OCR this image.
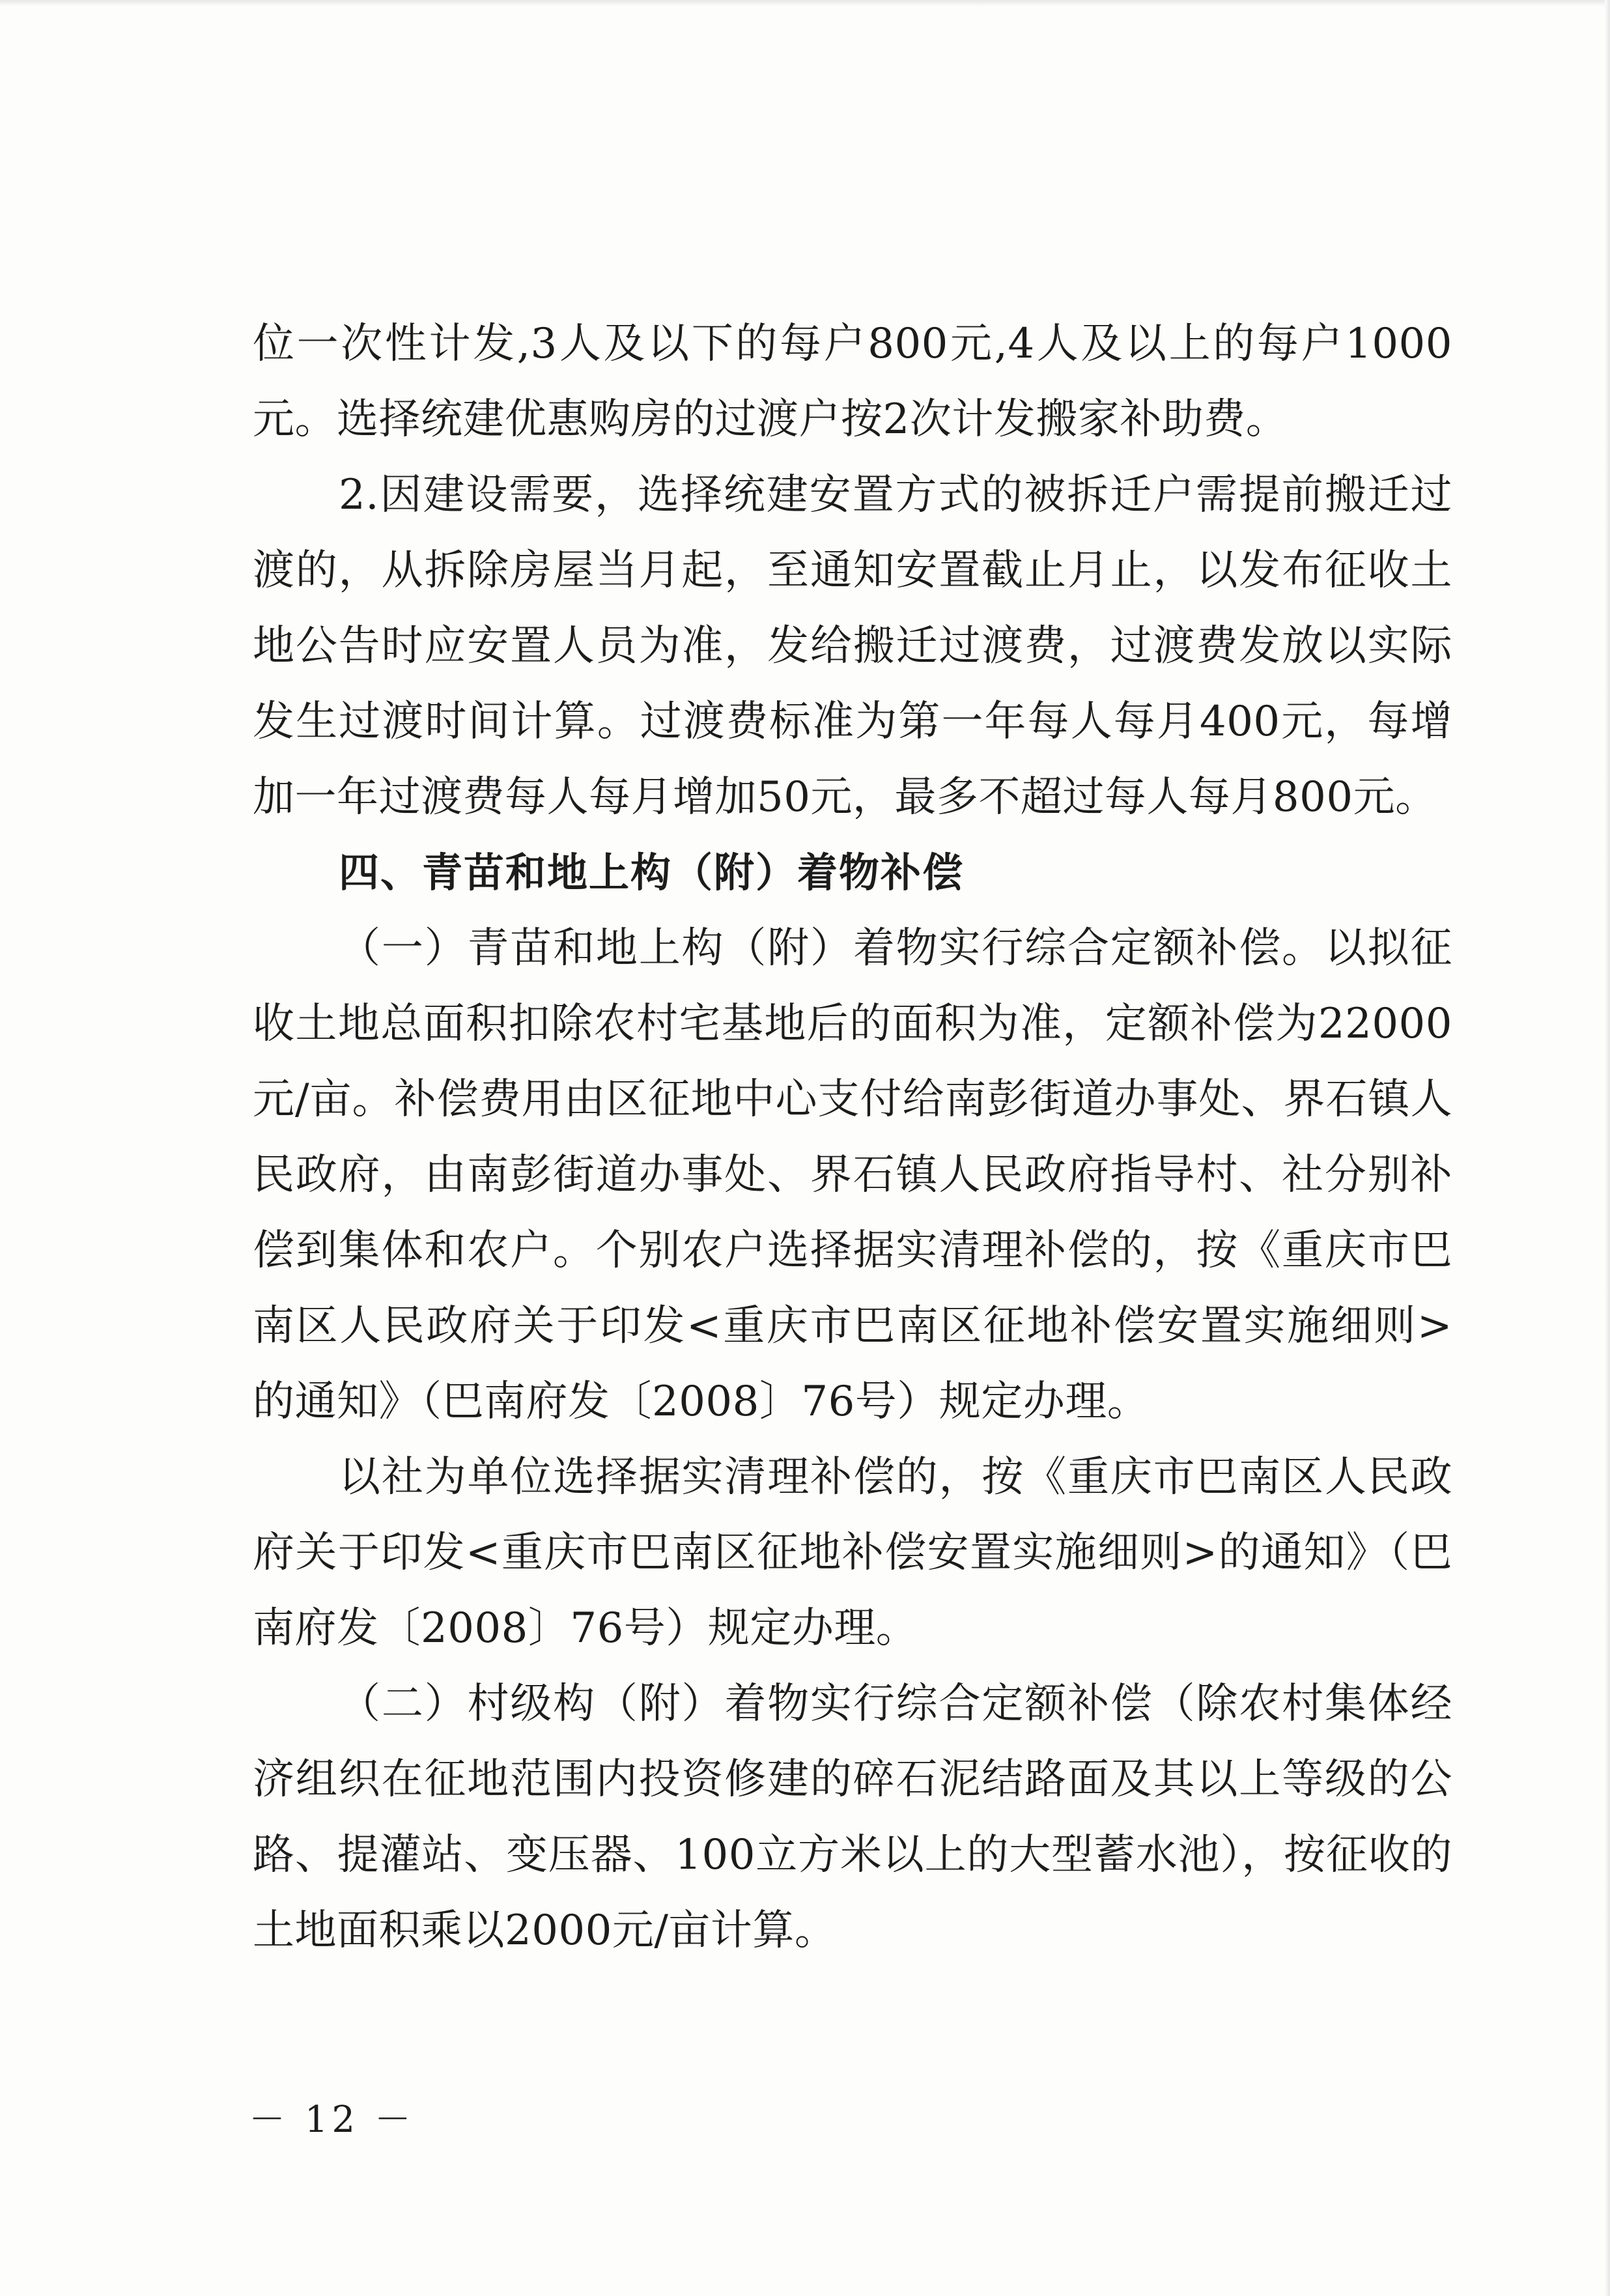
位一次性计发,3人及以下的每户800元,4人及以上的每户1000元。选择统建优惠购房的过渡户按2次计发搬家补助费。

2.因建设需要，选择统建安置方式的被拆迁户需提前搬迁过渡的，从拆除房屋当月起，至通知安置截止月止，以发布征收土地公告时应安置人员为准，发给搬迁过渡费，过渡费发放以实际发生过渡时间计算。过渡费标准为第一年每人每月400元，每增加一年过渡费每人每月增加50元，最多不超过每人每月800元。

四、青苗和地上构（附）着物补偿

（一）青苗和地上构（附）着物实行综合定额补偿。以拟征收土地总面积扣除农村宅基地后的面积为准，定额补偿为22000元/亩。补偿费用由区征地中心支付给南彭街道办事处、界石镇人民政府，由南彭街道办事处、界石镇人民政府指导村、社分别补偿到集体和农户。个别农户选择据实清理补偿的，按《重庆市巴南区人民政府关于印发<重庆市巴南区征地补偿安置实施细则>的通知》（巴南府发〔2008〕76号）规定办理。

以社为单位选择据实清理补偿的，按《重庆市巴南区人民政府关于印发<重庆市巴南区征地补偿安置实施细则>的通知》（巴南府发〔2008〕76号）规定办理。

（二）村级构（附）着物实行综合定额补偿（除农村集体经济组织在征地范围内投资修建的碎石泥结路面及其以上等级的公路、提灌站、变压器、100立方米以上的大型蓄水池），按征收的土地面积乘以2000元/亩计算。

－ 12 －
